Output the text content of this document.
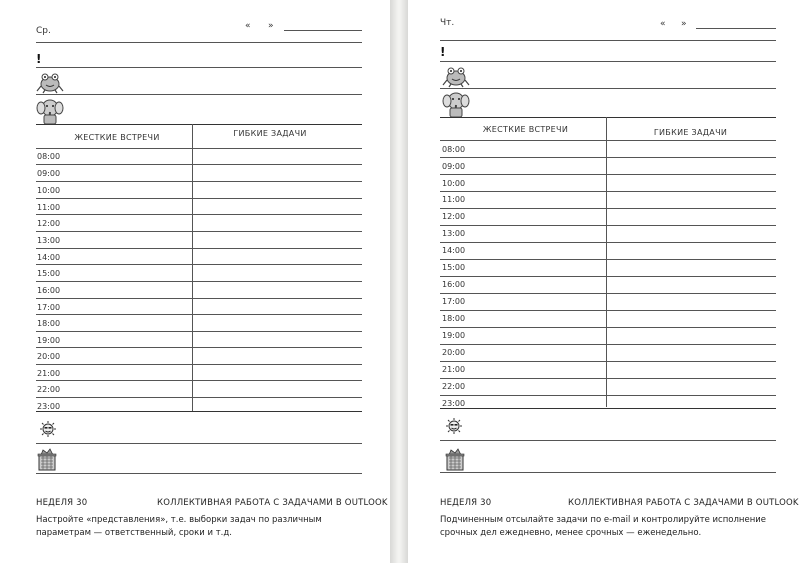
Ср.	« »
!
ЖЕСТКИЕ ВСТРЕЧИ	ГИБКИЕ ЗАДАЧИ
08:00
09:00
10:00
11:00
12:00
13:00
14:00
15:00
16:00
17:00
18:00
19:00
20:00
21:00
22:00
23:00
НЕДЕЛЯ 30	КОЛЛЕКТИВНАЯ РАБОТА С ЗАДАЧАМИ В OUTLOOK
Настройте «представления», т.е. выборки задач по различным параметрам — ответственный, сроки и т.д.
Чт.	« »
!
ЖЕСТКИЕ ВСТРЕЧИ	ГИБКИЕ ЗАДАЧИ
08:00
09:00
10:00
11:00
12:00
13:00
14:00
15:00
16:00
17:00
18:00
19:00
20:00
21:00
22:00
23:00
НЕДЕЛЯ 30	КОЛЛЕКТИВНАЯ РАБОТА С ЗАДАЧАМИ В OUTLOOK
Подчиненным отсылайте задачи по e-mail и контролируйте исполнение срочных дел ежедневно, менее срочных — еженедельно.
